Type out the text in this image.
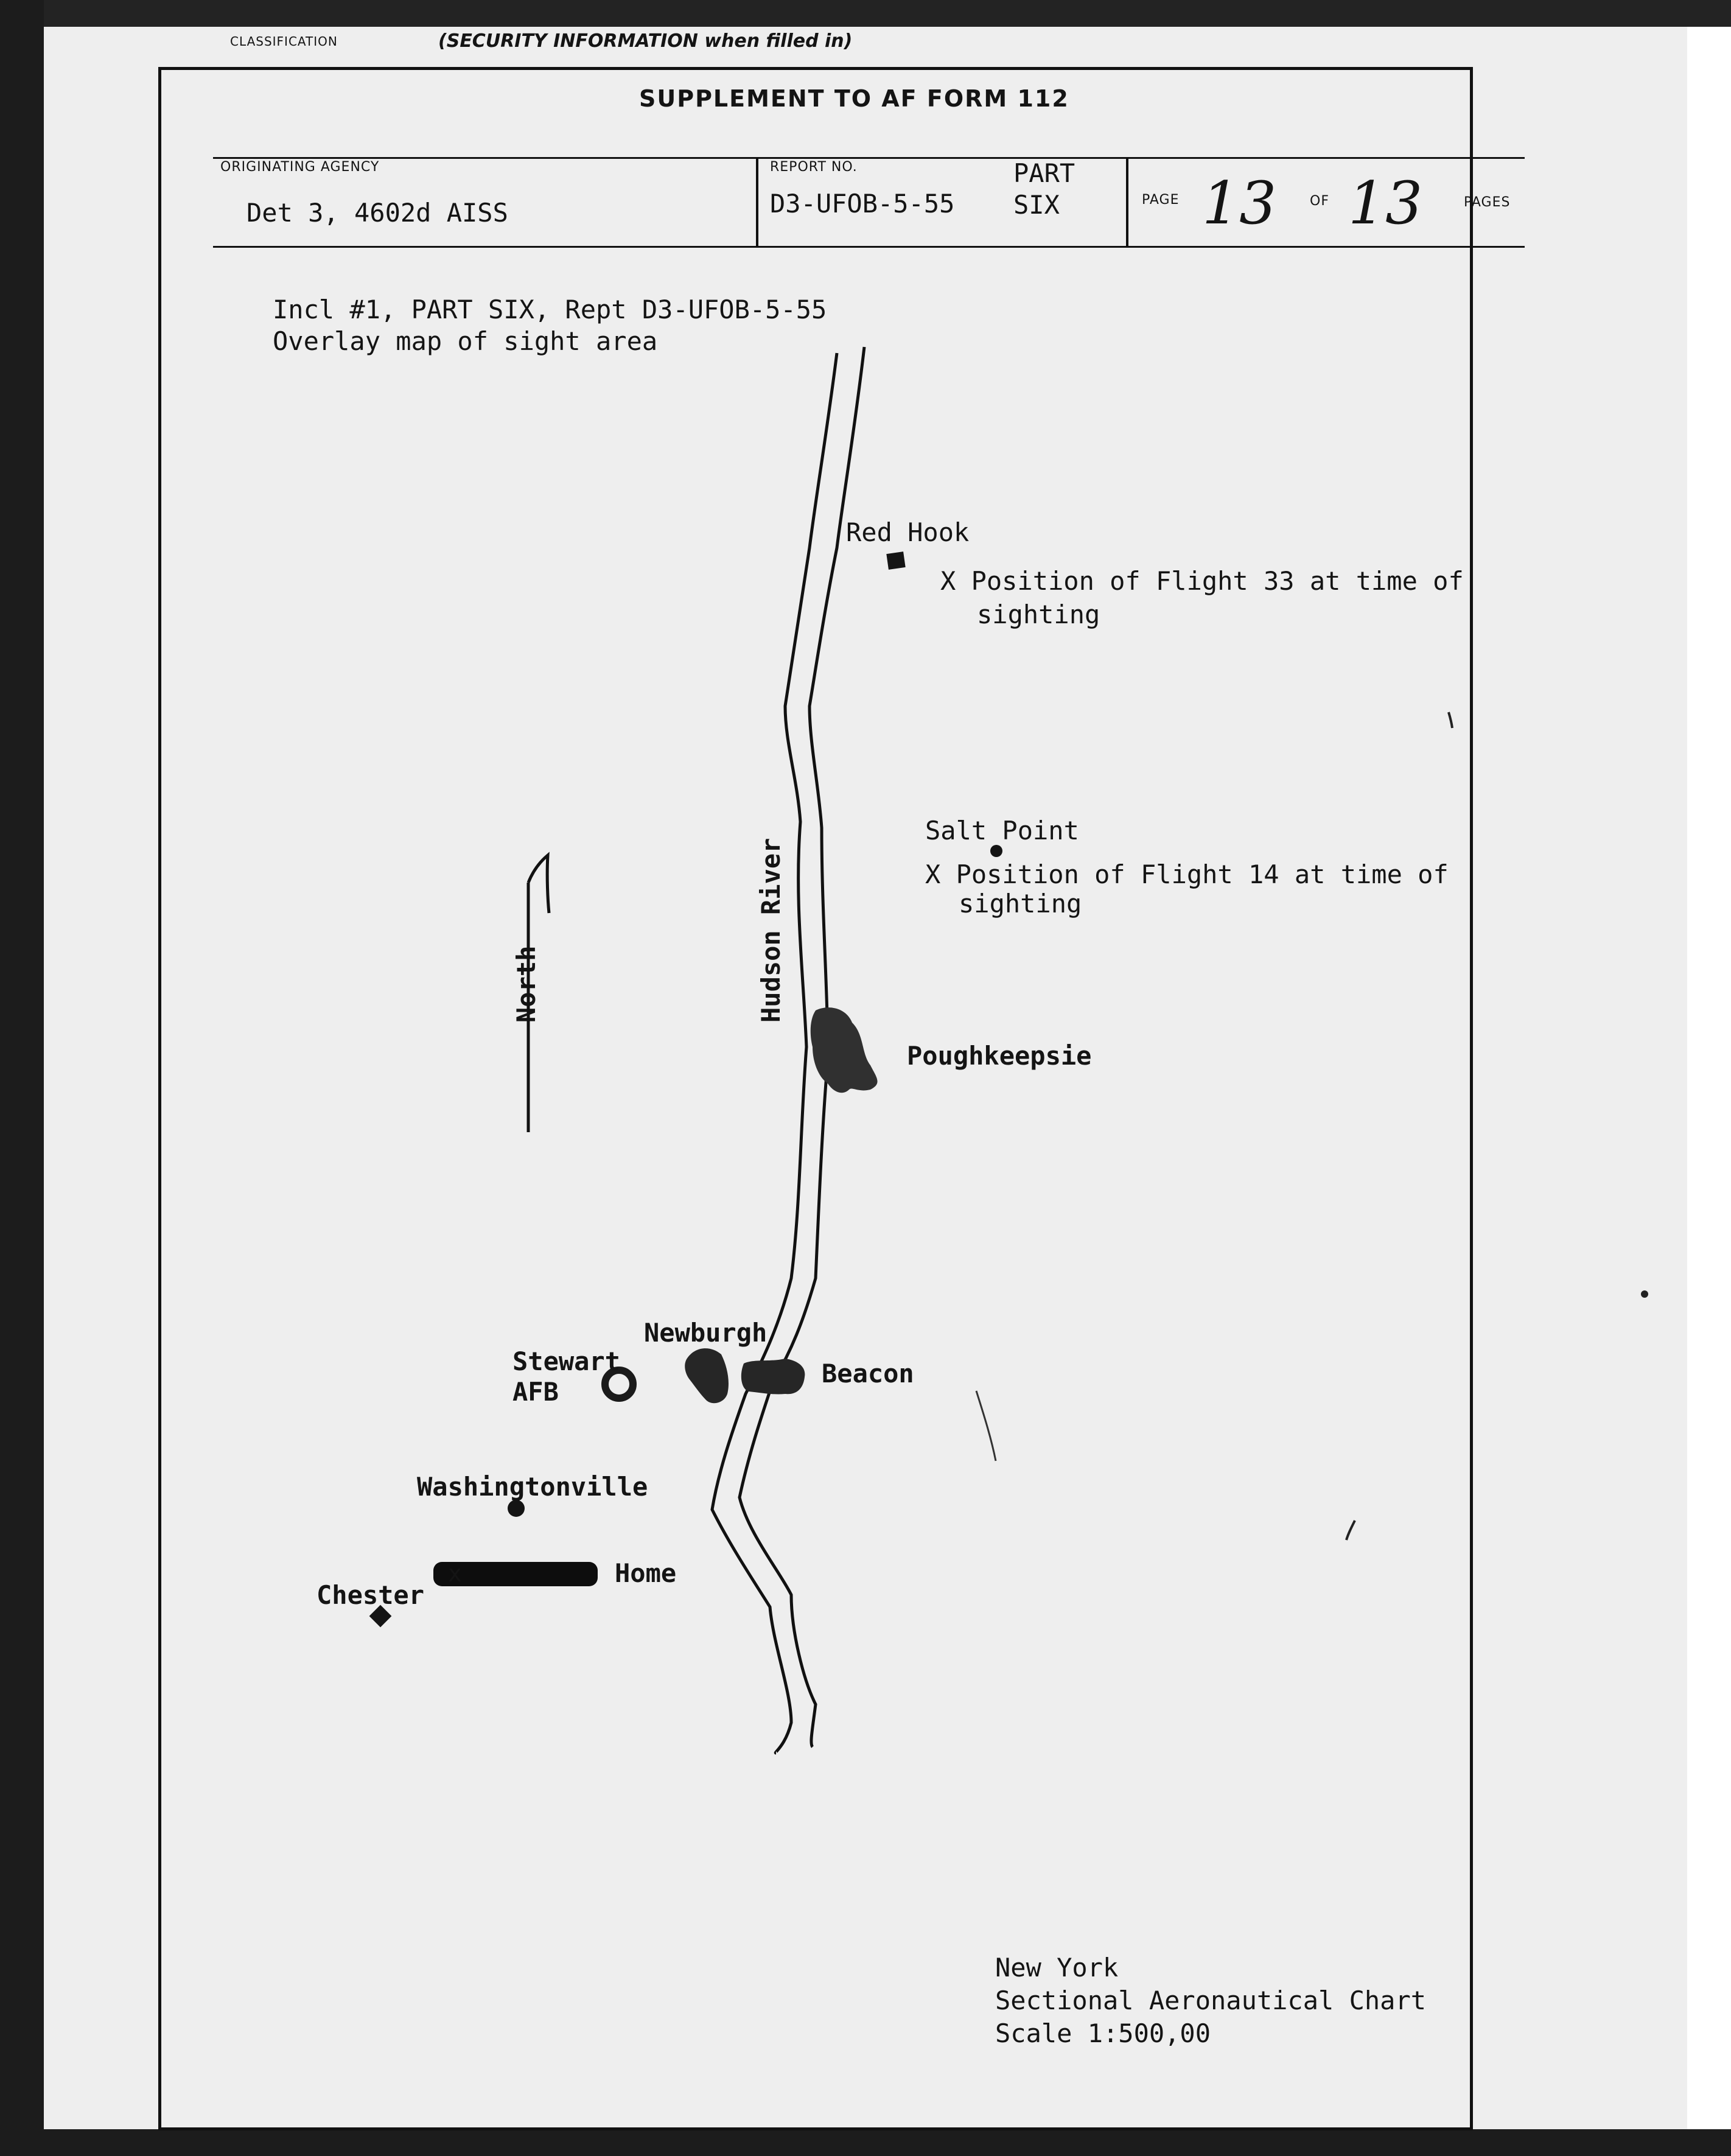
CLASSIFICATION	(SECURITY INFORMATION when filled in)
SUPPLEMENT TO AF FORM 112
ORIGINATING AGENCY
Det 3, 4602d AISS
REPORT NO.
D3-UFOB-5-55
PART
SIX	PAGE 13 OF 13	PAGES
Incl #1, PART SIX, Rept D3-UFOB-5-55
Overlay map of sight area
x
Red Hook
X Position of Flight 33 at time of
sighting
Salt Point
X Position of Flight 14 at time of
sighting
North	Hudson River
Poughkeepsie
Newburgh
Beacon
Stewart
AFB
Washingtonville
Home
Chester
New York
Sectional Aeronautical Chart
Scale 1:500,00
